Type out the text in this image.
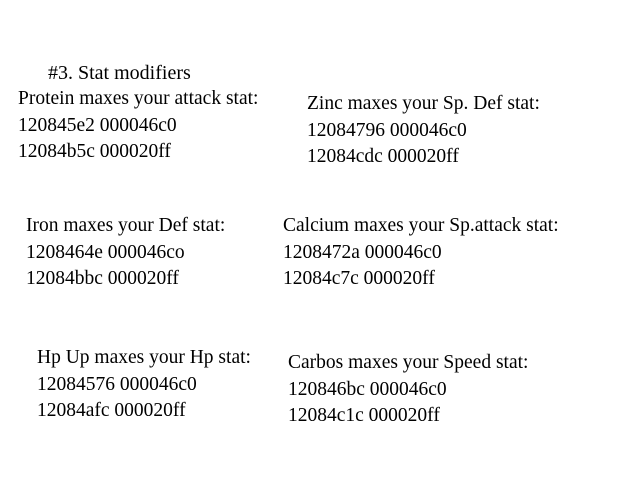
#3. Stat modifiers
Protein maxes your attack stat:
120845e2 000046c0
12084b5c 000020ff
Zinc maxes your Sp. Def stat:
12084796 000046c0
12084cdc 000020ff
Iron maxes your Def stat:
1208464e 000046co
12084bbc 000020ff
Calcium maxes your Sp.attack stat:
1208472a 000046c0
12084c7c 000020ff
Hp Up maxes your Hp stat:
12084576 000046c0
12084afc 000020ff
Carbos maxes your Speed stat:
120846bc 000046c0
12084c1c 000020ff
